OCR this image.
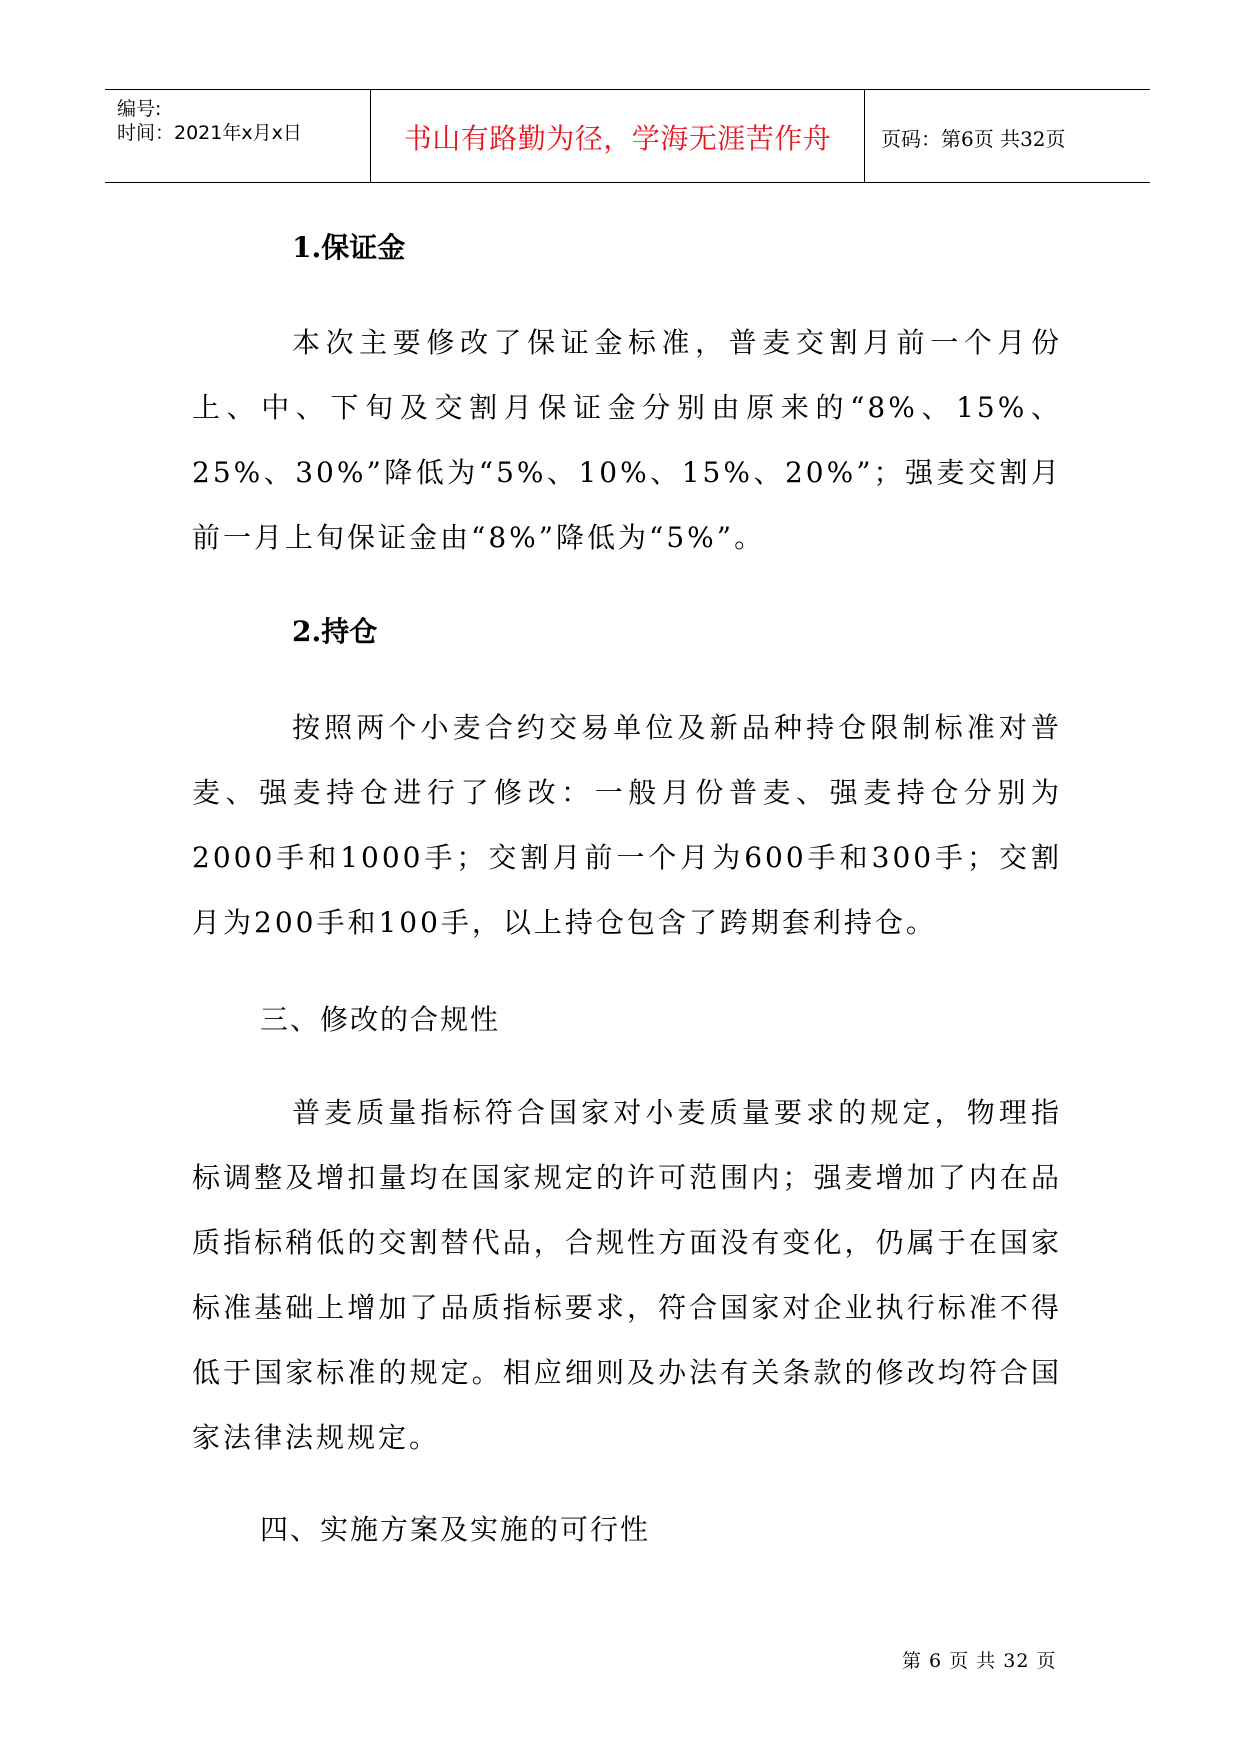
编号:
时间：2021年x月x日	书山有路勤为径，学海无涯苦作舟	页码：第6页 共32页
1.保证金

本次主要修改了保证金标准，普麦交割月前一个月份上、中、下旬及交割月保证金分别由原来的“8%、15%、25%、30%”降低为“5%、10%、15%、20%”；强麦交割月前一月上旬保证金由“8%”降低为“5%”。

2.持仓

按照两个小麦合约交易单位及新品种持仓限制标准对普麦、强麦持仓进行了修改：一般月份普麦、强麦持仓分别为2000手和1000手；交割月前一个月为600手和300手；交割月为200手和100手，以上持仓包含了跨期套利持仓。

三、修改的合规性

普麦质量指标符合国家对小麦质量要求的规定，物理指标调整及增扣量均在国家规定的许可范围内；强麦增加了内在品质指标稍低的交割替代品，合规性方面没有变化，仍属于在国家标准基础上增加了品质指标要求，符合国家对企业执行标准不得低于国家标准的规定。相应细则及办法有关条款的修改均符合国家法律法规规定。

四、实施方案及实施的可行性
第 6 页 共 32 页
